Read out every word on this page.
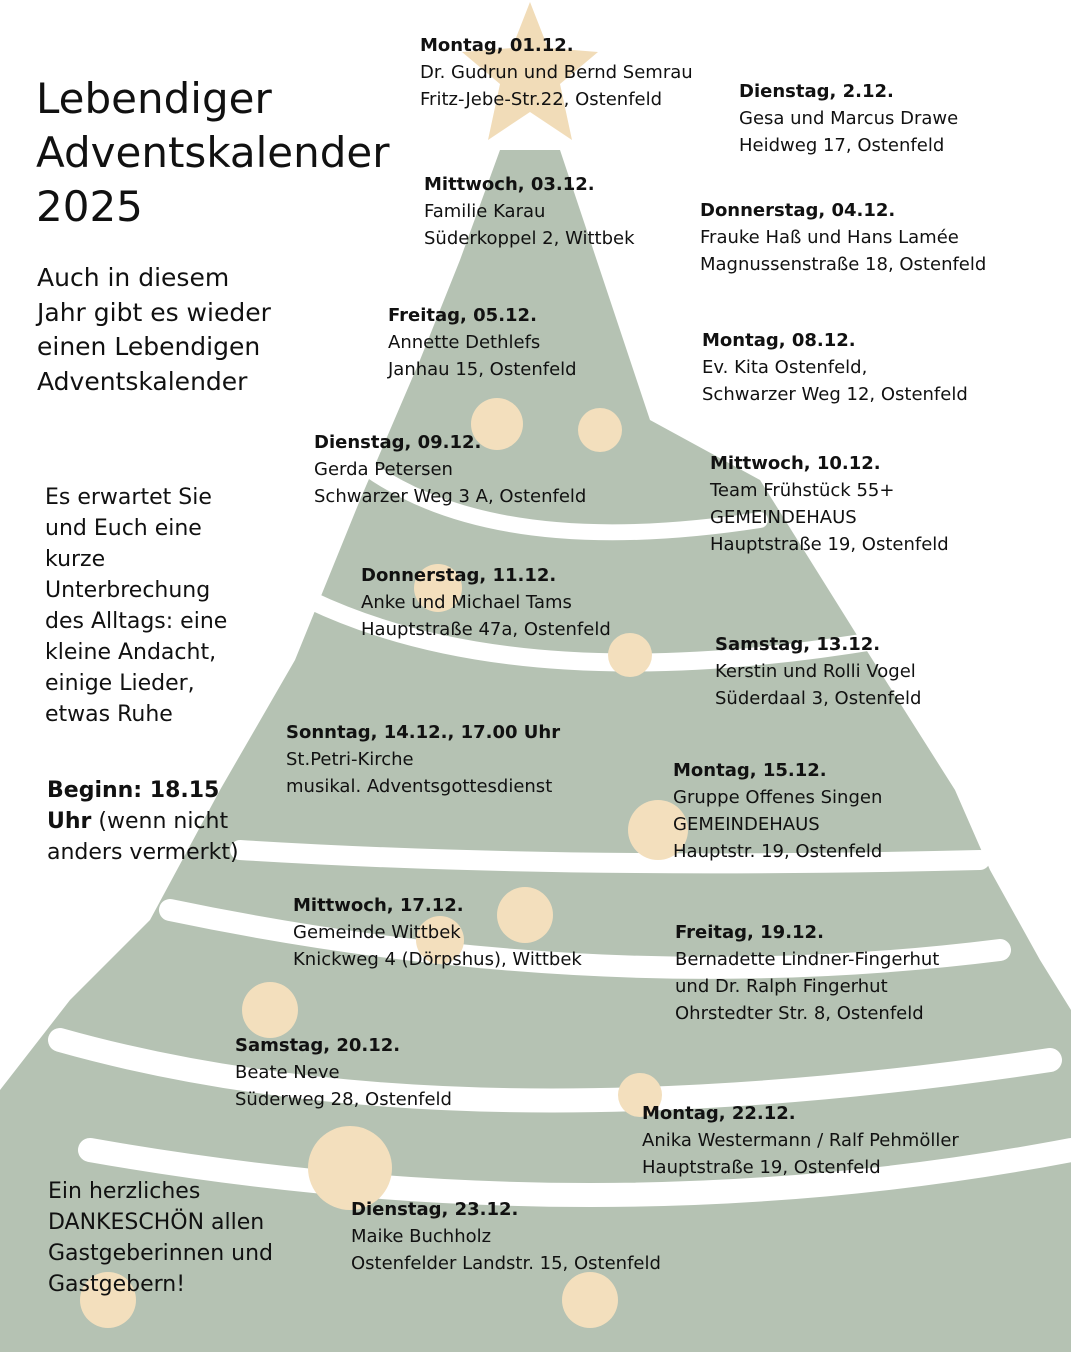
Lebendiger
Adventskalender
2025
Auch in diesem
Jahr gibt es wieder
einen Lebendigen
Adventskalender
Es erwartet Sie
und Euch eine
kurze
Unterbrechung
des Alltags: eine
kleine Andacht,
einige Lieder,
etwas Ruhe
Beginn: 18.15
Uhr (wenn nicht
anders vermerkt)
Ein herzliches
DANKESCHÖN allen
Gastgeberinnen und
Gastgebern!
Montag, 01.12.
Dr. Gudrun und Bernd Semrau
Fritz-Jebe-Str.22, Ostenfeld	Dienstag, 2.12.
Gesa und Marcus Drawe
Heidweg 17, Ostenfeld
Mittwoch, 03.12.
Familie Karau
Süderkoppel 2, Wittbek
Donnerstag, 04.12.
Frauke Haß und Hans Lamée
Magnussenstraße 18, Ostenfeld
Freitag, 05.12.
Annette Dethlefs
Janhau 15, Ostenfeld
Montag, 08.12.
Ev. Kita Ostenfeld,
Schwarzer Weg 12, Ostenfeld
Dienstag, 09.12.
Gerda Petersen
Schwarzer Weg 3 A, Ostenfeld
Mittwoch, 10.12.
Team Frühstück 55+
GEMEINDEHAUS
Hauptstraße 19, Ostenfeld
Donnerstag, 11.12.
Anke und Michael Tams
Hauptstraße 47a, Ostenfeld
Samstag, 13.12.
Kerstin und Rolli Vogel
Süderdaal 3, Ostenfeld
Sonntag, 14.12., 17.00 Uhr
St.Petri-Kirche
musikal. Adventsgottesdienst
Montag, 15.12.
Gruppe Offenes Singen
GEMEINDEHAUS
Hauptstr. 19, Ostenfeld
Mittwoch, 17.12.
Gemeinde Wittbek
Knickweg 4 (Dörpshus), Wittbek
Freitag, 19.12.
Bernadette Lindner-Fingerhut
und Dr. Ralph Fingerhut
Ohrstedter Str. 8, Ostenfeld
Samstag, 20.12.
Beate Neve
Süderweg 28, Ostenfeld
Montag, 22.12.
Anika Westermann / Ralf Pehmöller
Hauptstraße 19, Ostenfeld
Dienstag, 23.12.
Maike Buchholz
Ostenfelder Landstr. 15, Ostenfeld
